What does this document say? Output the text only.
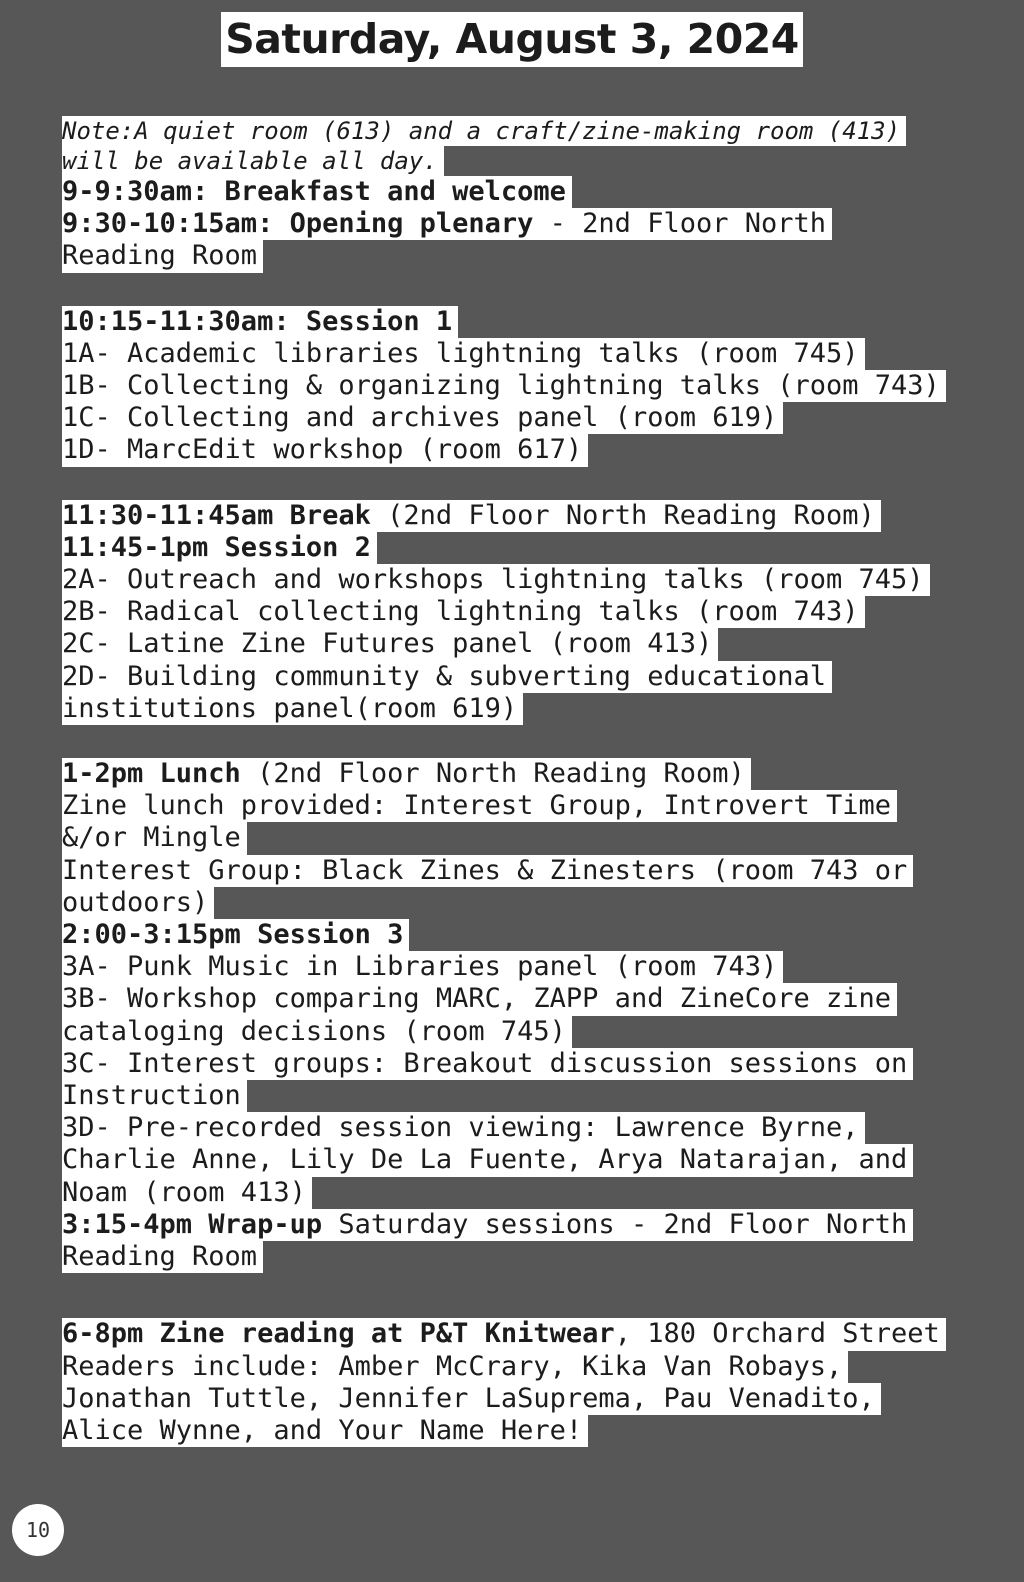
Saturday, August 3, 2024
Note:A quiet room (613) and a craft/zine-making room (413)
will be available all day.
9-9:30am: Breakfast and welcome
9:30-10:15am: Opening plenary - 2nd Floor North
Reading Room
10:15-11:30am: Session 1
1A- Academic libraries lightning talks (room 745)
1B- Collecting & organizing lightning talks (room 743)
1C- Collecting and archives panel (room 619)
1D- MarcEdit workshop (room 617)
11:30-11:45am Break (2nd Floor North Reading Room)
11:45-1pm Session 2
2A- Outreach and workshops lightning talks (room 745)
2B- Radical collecting lightning talks (room 743)
2C- Latine Zine Futures panel (room 413)
2D- Building community & subverting educational
institutions panel(room 619)
1-2pm Lunch (2nd Floor North Reading Room)
Zine lunch provided: Interest Group, Introvert Time
&/or Mingle
Interest Group: Black Zines & Zinesters (room 743 or
outdoors)
2:00-3:15pm Session 3
3A- Punk Music in Libraries panel (room 743)
3B- Workshop comparing MARC, ZAPP and ZineCore zine
cataloging decisions (room 745)
3C- Interest groups: Breakout discussion sessions on
Instruction
3D- Pre-recorded session viewing: Lawrence Byrne,
Charlie Anne, Lily De La Fuente, Arya Natarajan, and
Noam (room 413)
3:15-4pm Wrap-up Saturday sessions - 2nd Floor North
Reading Room
6-8pm Zine reading at P&T Knitwear, 180 Orchard Street
Readers include: Amber McCrary, Kika Van Robays,
Jonathan Tuttle, Jennifer LaSuprema, Pau Venadito,
Alice Wynne, and Your Name Here!
10
